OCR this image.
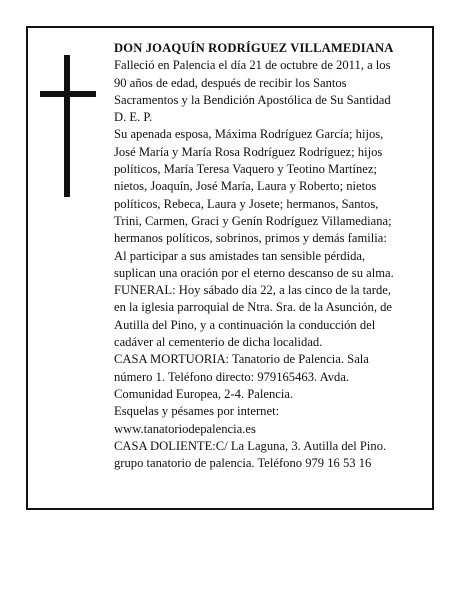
DON JOAQUÍN RODRÍGUEZ VILLAMEDIANA
Falleció en Palencia el día 21 de octubre de 2011, a los
90 años de edad, después de recibir los Santos
Sacramentos y la Bendición Apostólica de Su Santidad
D. E. P.
Su apenada esposa, Máxima Rodríguez García; hijos,
José María y María Rosa Rodríguez Rodríguez; hijos
políticos, María Teresa Vaquero y Teotino Martínez;
nietos, Joaquín, José María, Laura y Roberto; nietos
políticos, Rebeca, Laura y Josete; hermanos, Santos,
Trini, Carmen, Graci y Genín Rodríguez Villamediana;
hermanos políticos, sobrinos, primos y demás familia:
Al participar a sus amistades tan sensible pérdida,
suplican una oración por el eterno descanso de su alma.
FUNERAL: Hoy sábado día 22, a las cinco de la tarde,
en la iglesia parroquial de Ntra. Sra. de la Asunción, de
Autilla del Pino, y a continuación la conducción del
cadáver al cementerio de dicha localidad.
CASA MORTUORIA: Tanatorio de Palencia. Sala
número 1. Teléfono directo: 979165463. Avda.
Comunidad Europea, 2-4. Palencia.
Esquelas y pésames por internet:
www.tanatoriodepalencia.es
CASA DOLIENTE:C/ La Laguna, 3. Autilla del Pino.
grupo tanatorio de palencia. Teléfono 979 16 53 16
